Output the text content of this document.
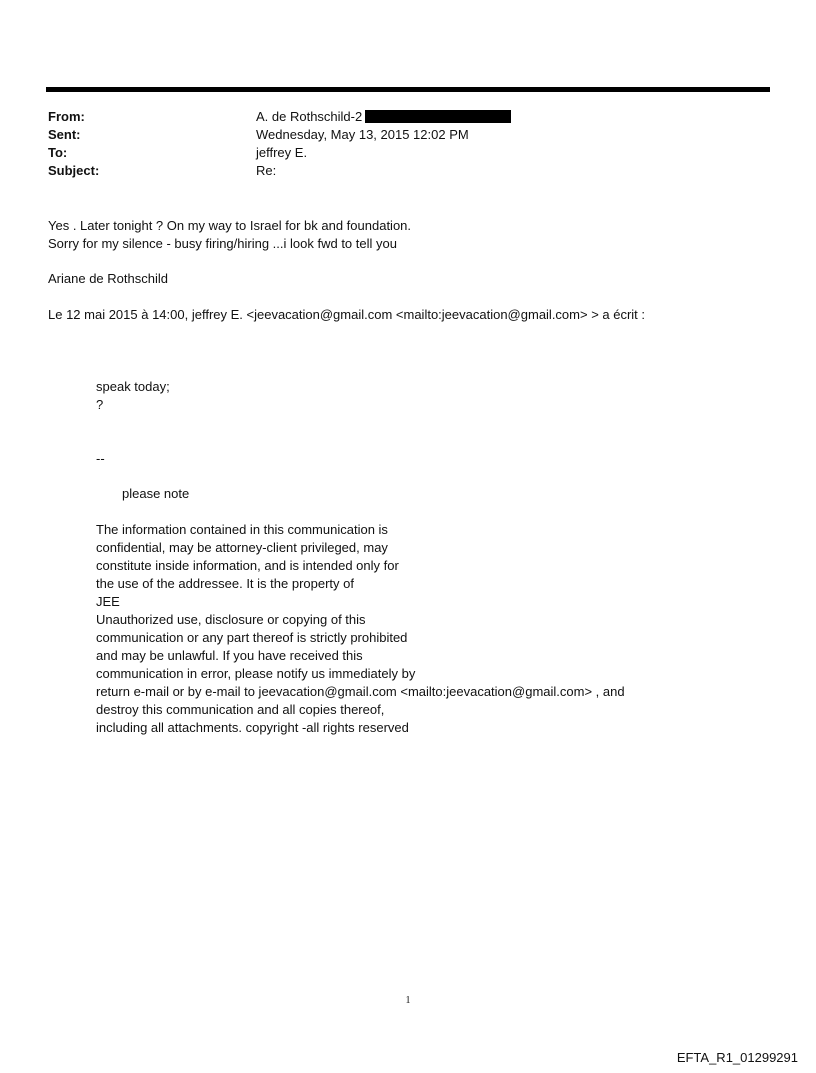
From:	A. de Rothschild-2
Sent:	Wednesday, May 13, 2015 12:02 PM
To:	jeffrey E.
Subject:	Re:
Yes . Later tonight ? On my way to Israel for bk and foundation.
Sorry for my silence - busy firing/hiring ...i look fwd to tell you
Ariane de Rothschild
Le 12 mai 2015 à 14:00, jeffrey E. <jeevacation@gmail.com <mailto:jeevacation@gmail.com> > a écrit :
speak today;
?
--
please note
The information contained in this communication is
confidential, may be attorney-client privileged, may
constitute inside information, and is intended only for
the use of the addressee. It is the property of
JEE
Unauthorized use, disclosure or copying of this
communication or any part thereof is strictly prohibited
and may be unlawful. If you have received this
communication in error, please notify us immediately by
return e-mail or by e-mail to jeevacation@gmail.com <mailto:jeevacation@gmail.com> , and
destroy this communication and all copies thereof,
including all attachments. copyright -all rights reserved
1
EFTA_R1_01299291
